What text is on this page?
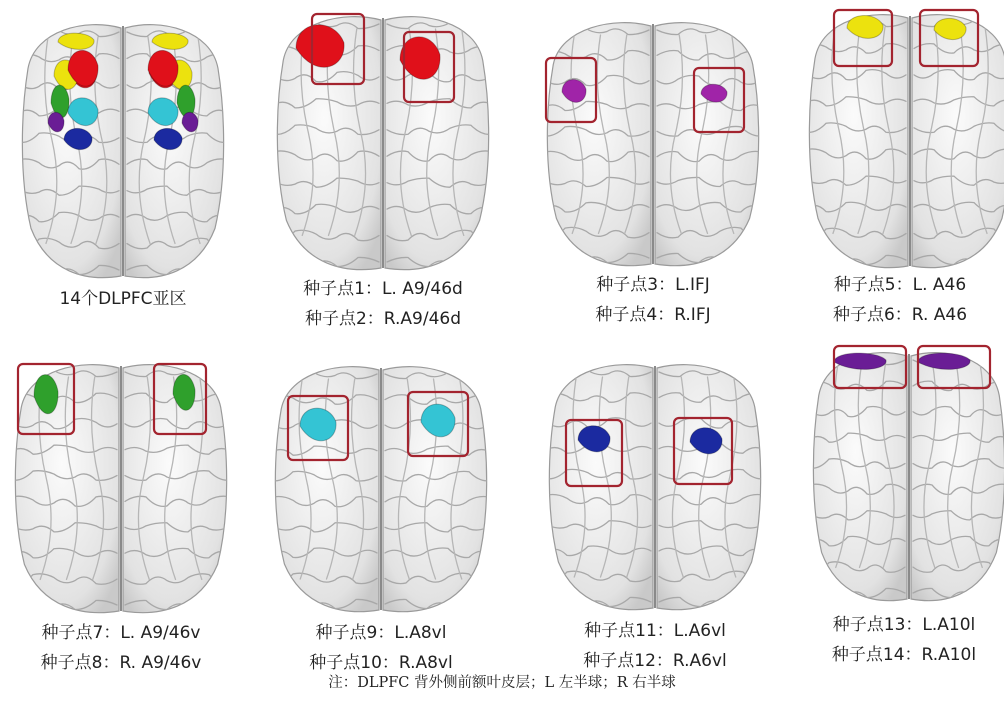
14个DLPFC亚区	种子点1：L. A9/46d
种子点2：R.A9/46d
种子点3：L.IFJ
种子点4：R.IFJ
种子点5：L. A46
种子点6：R. A46
种子点7：L. A9/46v
种子点8：R. A9/46v
种子点9：L.A8vl
种子点10：R.A8vl
种子点11：L.A6vl
种子点12：R.A6vl
种子点13：L.A10l
种子点14：R.A10l
注：DLPFC 背外侧前额叶皮层；L 左半球；R 右半球
